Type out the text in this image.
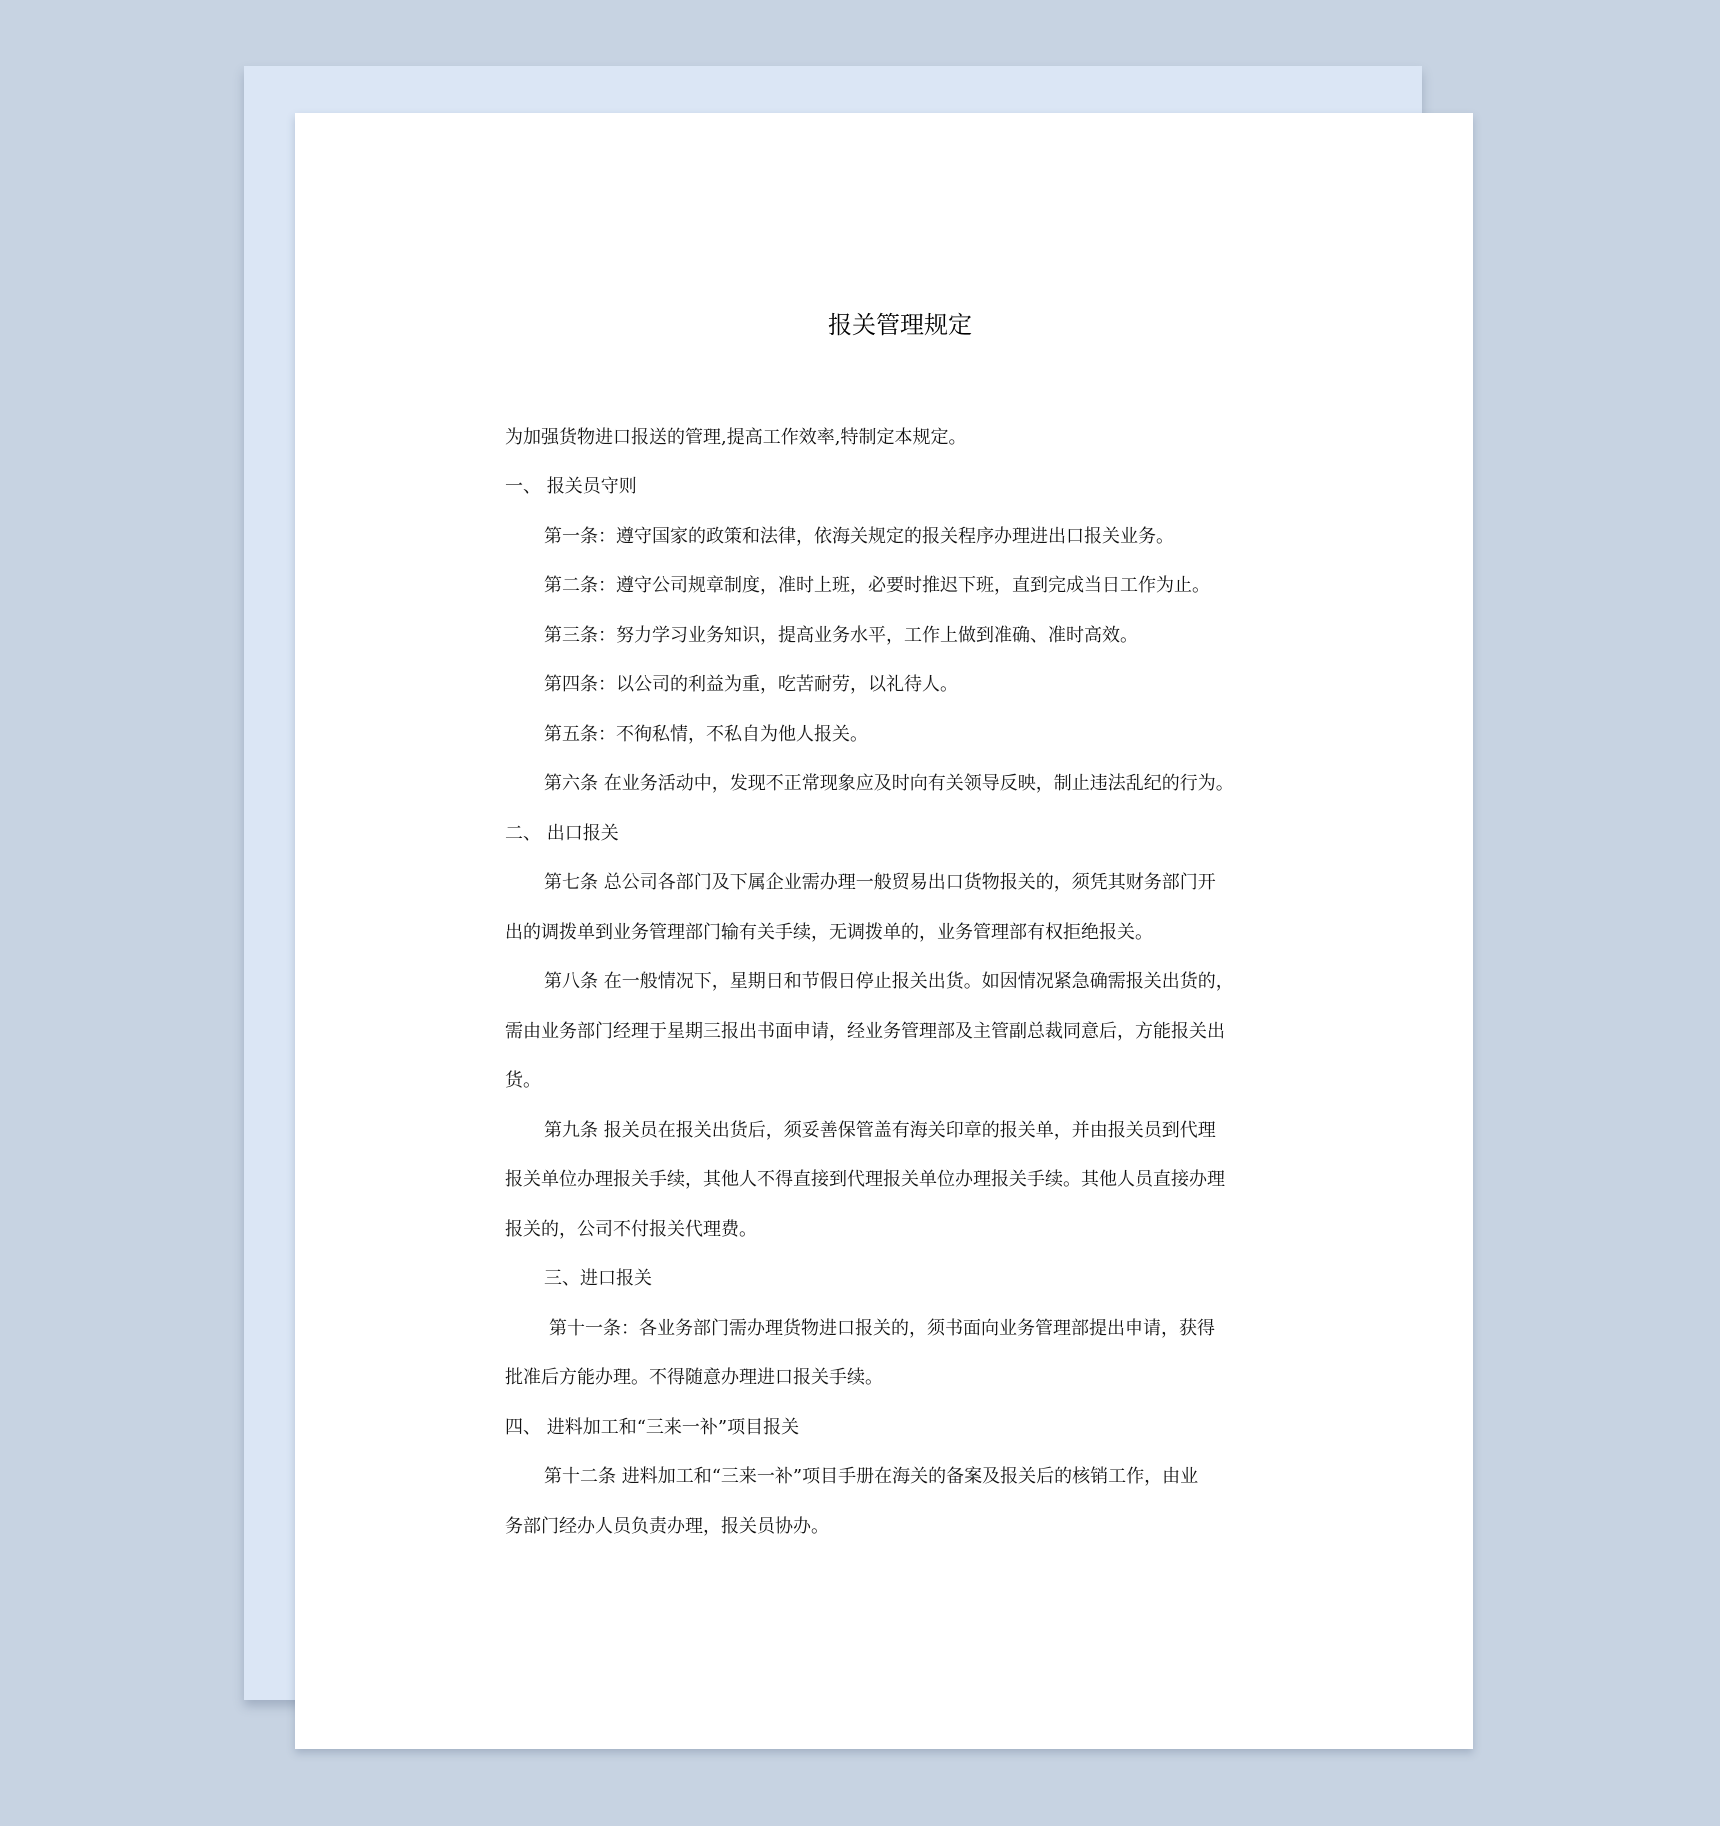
报关管理规定

为加强货物进口报送的管理,提高工作效率,特制定本规定。

一、 报关员守则

第一条：遵守国家的政策和法律，依海关规定的报关程序办理进出口报关业务。

第二条：遵守公司规章制度，准时上班，必要时推迟下班，直到完成当日工作为止。

第三条：努力学习业务知识，提高业务水平，工作上做到准确、准时高效。

第四条：以公司的利益为重，吃苦耐劳，以礼待人。

第五条：不徇私情，不私自为他人报关。

第六条 在业务活动中，发现不正常现象应及时向有关领导反映，制止违法乱纪的行为。

二、 出口报关

第七条 总公司各部门及下属企业需办理一般贸易出口货物报关的，须凭其财务部门开

出的调拨单到业务管理部门输有关手续，无调拨单的，业务管理部有权拒绝报关。

第八条 在一般情况下，星期日和节假日停止报关出货。如因情况紧急确需报关出货的，

需由业务部门经理于星期三报出书面申请，经业务管理部及主管副总裁同意后，方能报关出

货。

第九条 报关员在报关出货后，须妥善保管盖有海关印章的报关单，并由报关员到代理

报关单位办理报关手续，其他人不得直接到代理报关单位办理报关手续。其他人员直接办理

报关的，公司不付报关代理费。

三、进口报关

第十一条：各业务部门需办理货物进口报关的，须书面向业务管理部提出申请，获得

批准后方能办理。不得随意办理进口报关手续。

四、 进料加工和“三来一补”项目报关

第十二条 进料加工和“三来一补”项目手册在海关的备案及报关后的核销工作，由业

务部门经办人员负责办理，报关员协办。
